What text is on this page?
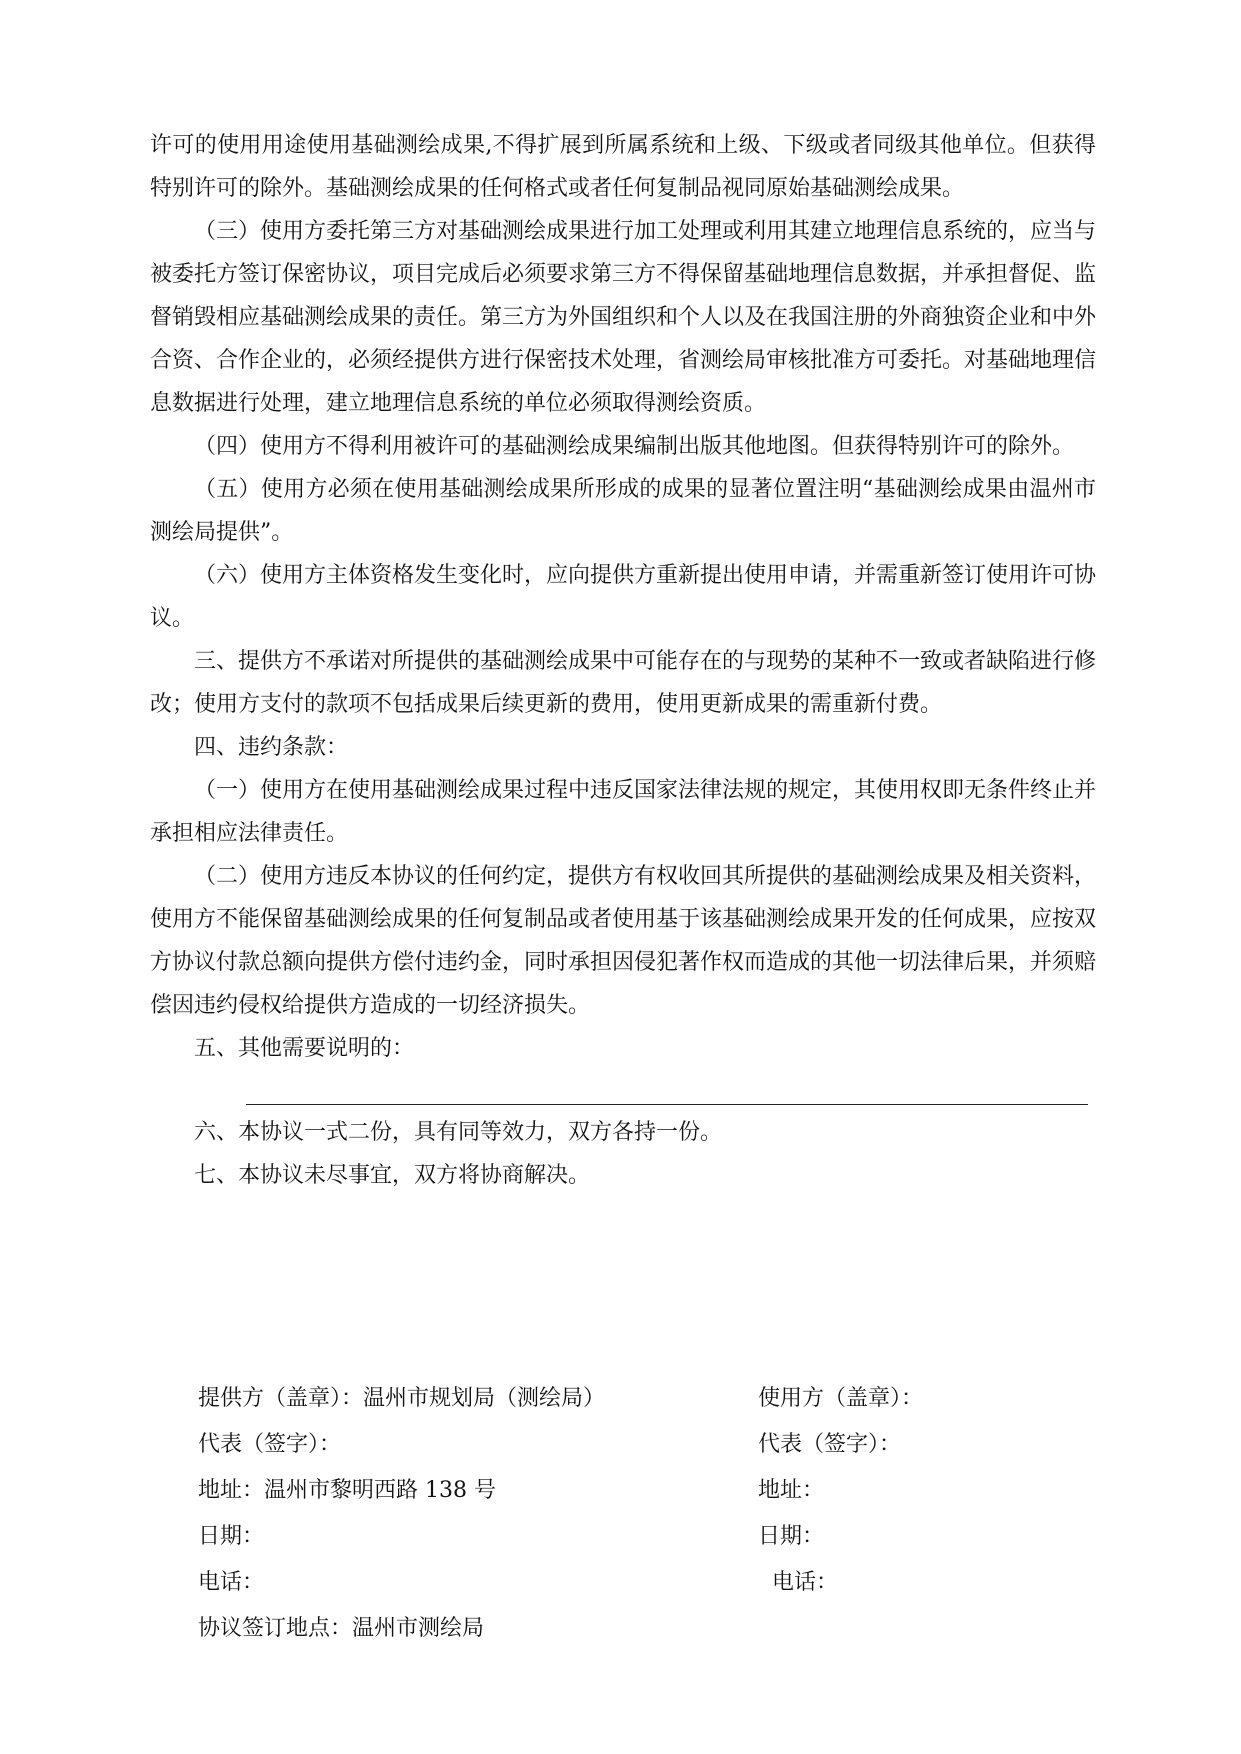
许可的使用用途使用基础测绘成果,不得扩展到所属系统和上级、下级或者同级其他单位。但获得特别许可的除外。基础测绘成果的任何格式或者任何复制品视同原始基础测绘成果。

（三）使用方委托第三方对基础测绘成果进行加工处理或利用其建立地理信息系统的，应当与被委托方签订保密协议，项目完成后必须要求第三方不得保留基础地理信息数据，并承担督促、监督销毁相应基础测绘成果的责任。第三方为外国组织和个人以及在我国注册的外商独资企业和中外合资、合作企业的，必须经提供方进行保密技术处理，省测绘局审核批准方可委托。对基础地理信息数据进行处理，建立地理信息系统的单位必须取得测绘资质。

（四）使用方不得利用被许可的基础测绘成果编制出版其他地图。但获得特别许可的除外。

（五）使用方必须在使用基础测绘成果所形成的成果的显著位置注明“基础测绘成果由温州市测绘局提供”。

（六）使用方主体资格发生变化时，应向提供方重新提出使用申请，并需重新签订使用许可协议。

三、提供方不承诺对所提供的基础测绘成果中可能存在的与现势的某种不一致或者缺陷进行修改；使用方支付的款项不包括成果后续更新的费用，使用更新成果的需重新付费。

四、违约条款：

（一）使用方在使用基础测绘成果过程中违反国家法律法规的规定，其使用权即无条件终止并承担相应法律责任。

（二）使用方违反本协议的任何约定，提供方有权收回其所提供的基础测绘成果及相关资料，使用方不能保留基础测绘成果的任何复制品或者使用基于该基础测绘成果开发的任何成果，应按双方协议付款总额向提供方偿付违约金，同时承担因侵犯著作权而造成的其他一切法律后果，并须赔偿因违约侵权给提供方造成的一切经济损失。

五、其他需要说明的：

六、本协议一式二份，具有同等效力，双方各持一份。

七、本协议未尽事宜，双方将协商解决。

提供方（盖章）：温州市规划局（测绘局）	使用方（盖章）：
代表（签字）：	代表（签字）：
地址：温州市黎明西路 138 号	地址：
日期：	日期：
电话：	电话：
协议签订地点：温州市测绘局
